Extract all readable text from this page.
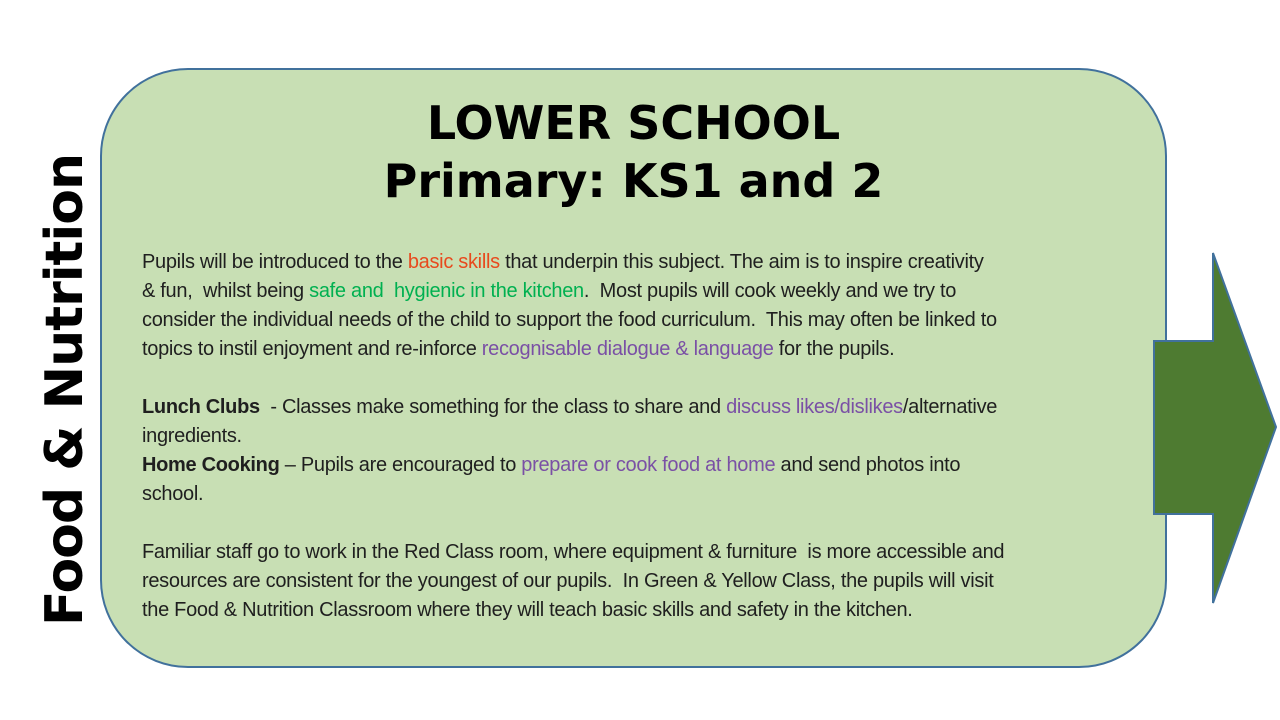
Food & Nutrition
LOWER SCHOOL
Primary: KS1 and 2
Pupils will be introduced to the basic skills that underpin this subject. The aim is to inspire creativity
& fun,  whilst being safe and  hygienic in the kitchen.  Most pupils will cook weekly and we try to
consider the individual needs of the child to support the food curriculum.  This may often be linked to
topics to instil enjoyment and re-inforce recognisable dialogue & language for the pupils.
Lunch Clubs  - Classes make something for the class to share and discuss likes/dislikes/alternative
ingredients.
Home Cooking – Pupils are encouraged to prepare or cook food at home and send photos into
school.
Familiar staff go to work in the Red Class room, where equipment & furniture  is more accessible and
resources are consistent for the youngest of our pupils.  In Green & Yellow Class, the pupils will visit
the Food & Nutrition Classroom where they will teach basic skills and safety in the kitchen.
